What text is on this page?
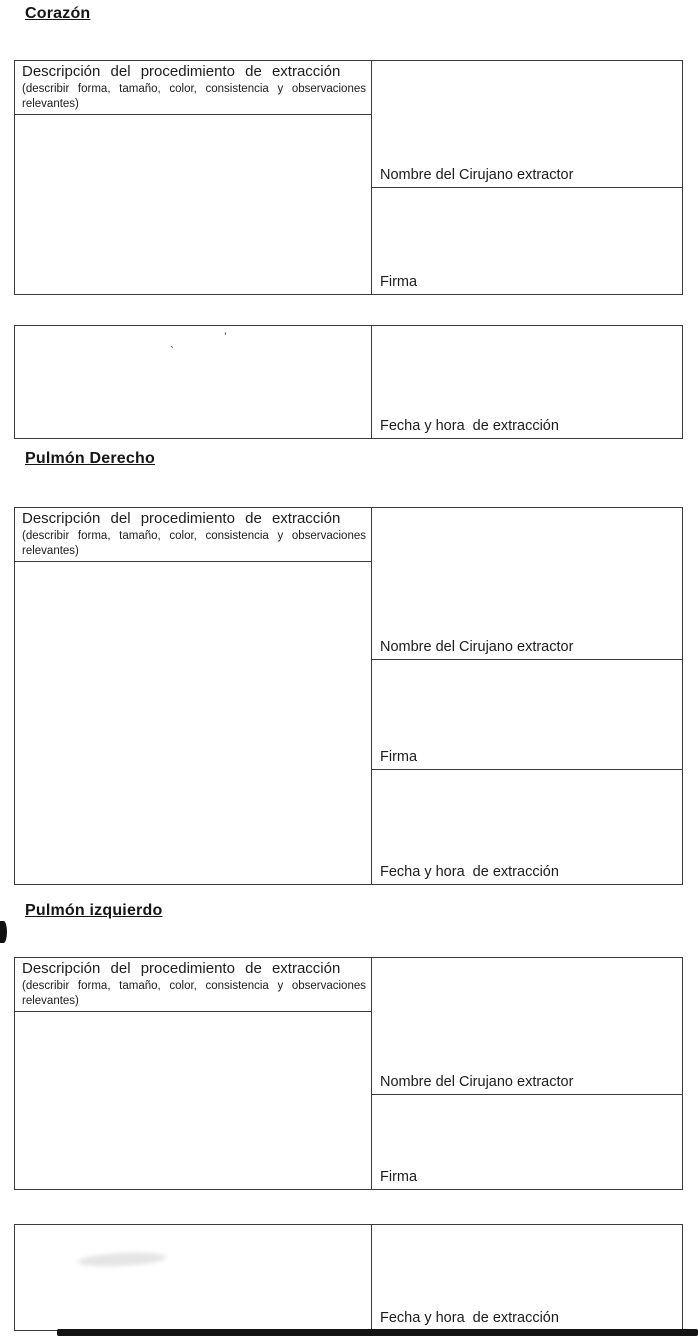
Corazón
Descripción del procedimiento de extracción
(describir forma, tamaño, color, consistencia y observaciones relevantes)
Nombre del Cirujano extractor
Firma
Fecha y hora  de extracción
’
`
Pulmón Derecho
Descripción del procedimiento de extracción
(describir forma, tamaño, color, consistencia y observaciones relevantes)
Nombre del Cirujano extractor
Firma
Fecha y hora  de extracción
Pulmón izquierdo
Descripción del procedimiento de extracción
(describir forma, tamaño, color, consistencia y observaciones relevantes)
Nombre del Cirujano extractor
Firma
Fecha y hora  de extracción
